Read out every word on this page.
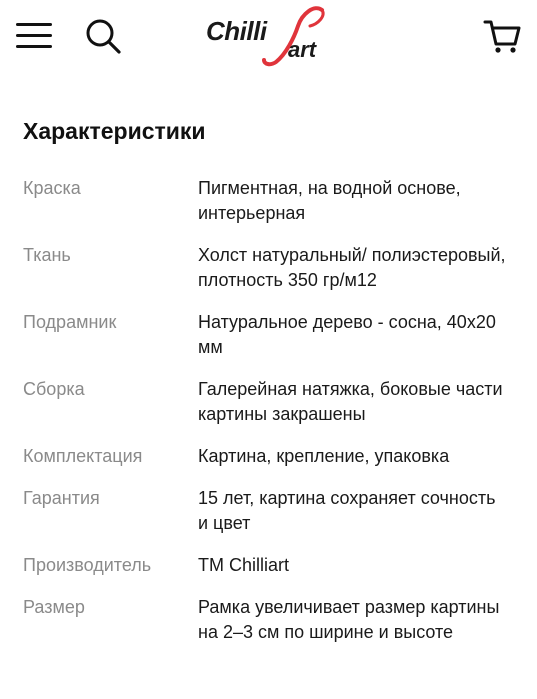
Chilli
art
Характеристики
Краска	Пигментная, на водной основе, интерьерная
Ткань	Холст натуральный/ полиэстеровый, плотность 350 гр/м12
Подрамник	Натуральное дерево - сосна, 40х20 мм
Сборка	Галерейная натяжка, боковые части картины закрашены
Комплектация	Картина, крепление, упаковка
Гарантия	15 лет, картина сохраняет сочность и цвет
Производитель	ТМ Chilliart
Размер	Рамка увеличивает размер картины на 2–3 см по ширине и высоте
